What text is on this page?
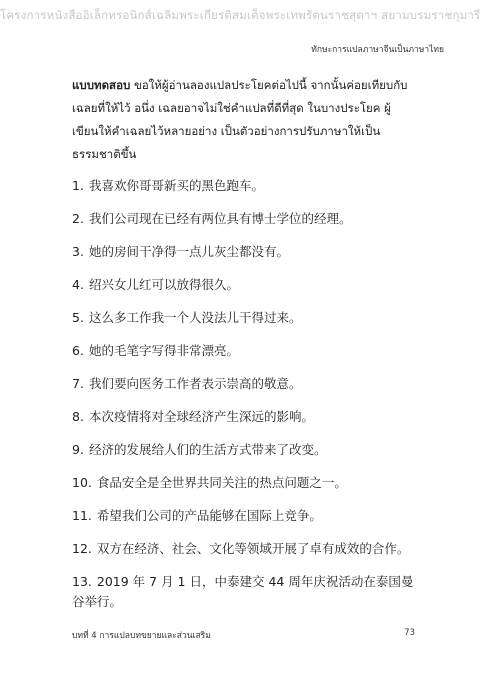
โครงการหนังสืออิเล็กทรอนิกส์เฉลิมพระเกียรติสมเด็จพระเทพรัตนราชสุดาฯ สยามบรมราชกุมารี
ทักษะการแปลภาษาจีนเป็นภาษาไทย
แบบทดสอบ ขอให้ผู้อ่านลองแปลประโยคต่อไปนี้ จากนั้นค่อยเทียบกับเฉลยที่ให้ไว้ อนึ่ง เฉลยอาจไม่ใช่คำแปลที่ดีที่สุด ในบางประโยค ผู้เขียนให้คำเฉลยไว้หลายอย่าง เป็นตัวอย่างการปรับภาษาให้เป็นธรรมชาติขึ้น
1. 我喜欢你哥哥新买的黑色跑车。
2. 我们公司现在已经有两位具有博士学位的经理。
3. 她的房间干净得一点儿灰尘都没有。
4. 绍兴女儿红可以放得很久。
5. 这么多工作我一个人没法儿干得过来。
6. 她的毛笔字写得非常漂亮。
7. 我们要向医务工作者表示崇高的敬意。
8. 本次疫情将对全球经济产生深远的影响。
9. 经济的发展给人们的生活方式带来了改变。
10. 食品安全是全世界共同关注的热点问题之一。
11. 希望我们公司的产品能够在国际上竞争。
12. 双方在经济、社会、文化等领域开展了卓有成效的合作。
13. 2019 年 7 月 1 日，中泰建交 44 周年庆祝活动在泰国曼谷举行。
บทที่ 4 การแปลบทขยายและส่วนเสริม	73
